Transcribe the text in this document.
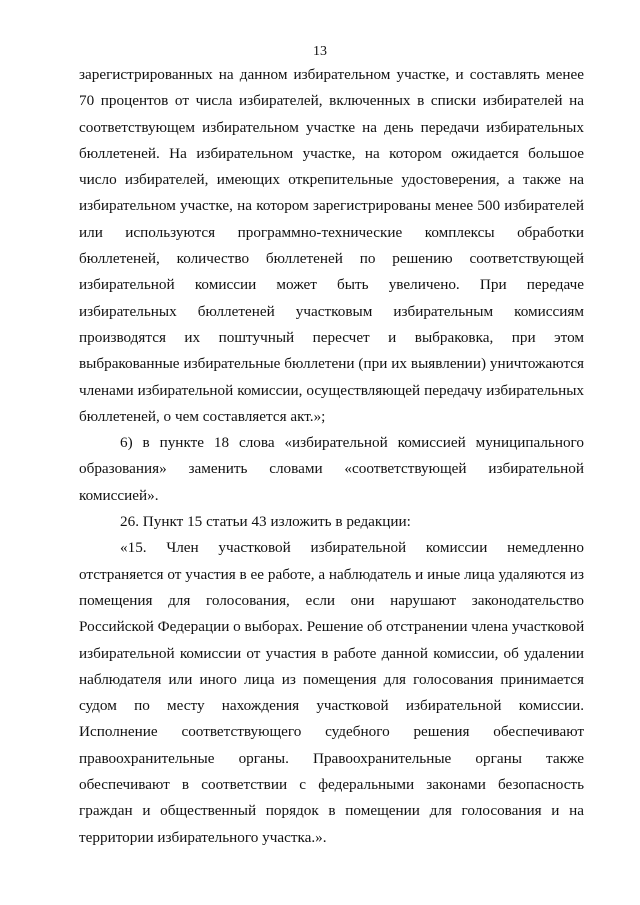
13
зарегистрированных на данном избирательном участке, и составлять менее
70 процентов от числа избирателей, включенных в списки избирателей на
соответствующем избирательном участке на день передачи избирательных
бюллетеней. На избирательном участке, на котором ожидается большое
число избирателей, имеющих открепительные удостоверения, а также на
избирательном участке, на котором зарегистрированы менее 500 избирателей
или используются программно-технические комплексы обработки
бюллетеней, количество бюллетеней по решению соответствующей
избирательной комиссии может быть увеличено. При передаче
избирательных бюллетеней участковым избирательным комиссиям
производятся их поштучный пересчет и выбраковка, при этом
выбракованные избирательные бюллетени (при их выявлении) уничтожаются
членами избирательной комиссии, осуществляющей передачу избирательных
бюллетеней, о чем составляется акт.»;
6) в пункте 18 слова «избирательной комиссией муниципального
образования» заменить словами «соответствующей избирательной
комиссией».
26. Пункт 15 статьи 43 изложить в редакции:
«15. Член участковой избирательной комиссии немедленно
отстраняется от участия в ее работе, а наблюдатель и иные лица удаляются из
помещения для голосования, если они нарушают законодательство
Российской Федерации о выборах. Решение об отстранении члена участковой
избирательной комиссии от участия в работе данной комиссии, об удалении
наблюдателя или иного лица из помещения для голосования принимается
судом по месту нахождения участковой избирательной комиссии.
Исполнение соответствующего судебного решения обеспечивают
правоохранительные органы. Правоохранительные органы также
обеспечивают в соответствии с федеральными законами безопасность
граждан и общественный порядок в помещении для голосования и на
территории избирательного участка.».
